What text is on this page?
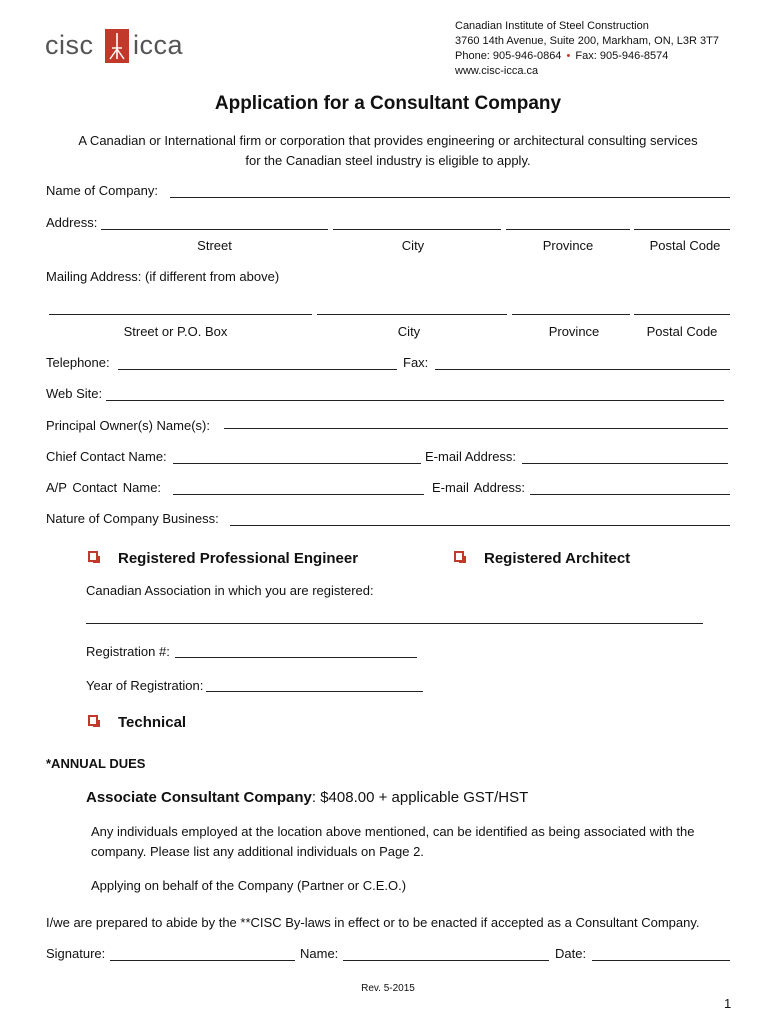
cisc icca
Canadian Institute of Steel Construction
3760 14th Avenue, Suite 200, Markham, ON, L3R 3T7
Phone: 905-946-0864 • Fax: 905-946-8574
www.cisc-icca.ca
Application for a Consultant Company
A Canadian or International firm or corporation that provides engineering or architectural consulting services
for the Canadian steel industry is eligible to apply.
Name of Company:
Address:
Street	City	Province	Postal Code
Mailing Address: (if different from above)
Street or P.O. Box	City	Province	Postal Code
Telephone:	Fax:
Web Site:
Principal Owner(s) Name(s):
Chief Contact Name:	E-mail Address:
A/P Contact Name:	E-mail Address:
Nature of Company Business:
Registered Professional Engineer	Registered Architect
Canadian Association in which you are registered:
Registration #:
Year of Registration:
Technical
*ANNUAL DUES
Associate Consultant Company: $408.00 + applicable GST/HST
Any individuals employed at the location above mentioned, can be identified as being associated with the
company. Please list any additional individuals on Page 2.
Applying on behalf of the Company (Partner or C.E.O.)
I/we are prepared to abide by the **CISC By-laws in effect or to be enacted if accepted as a Consultant Company.
Signature:	Name:	Date:
Rev. 5-2015
1
